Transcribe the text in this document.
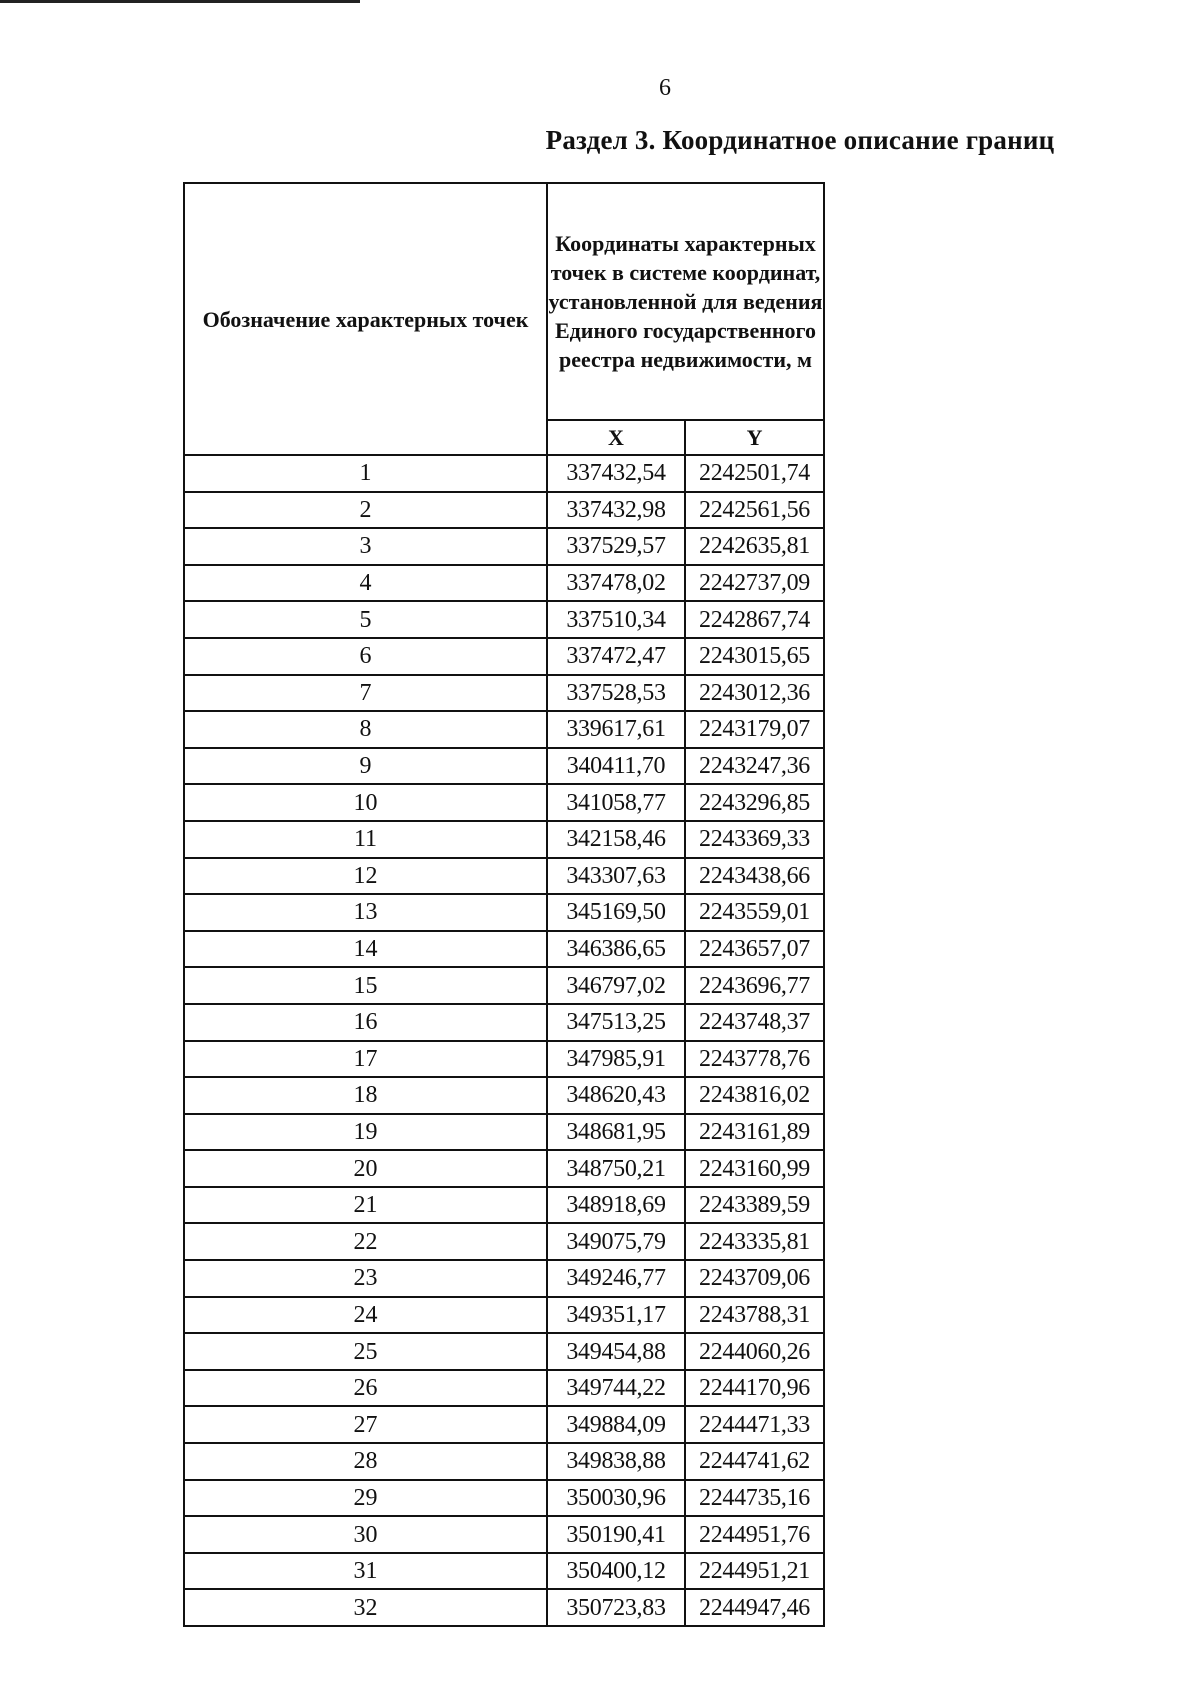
6
Раздел 3. Координатное описание границ
Обозначение характерных точек	Координаты характерных точек в системе координат, установленной для ведения Единого государственного реестра недвижимости, м	
	X	Y
1	337432,54	2242501,74
2	337432,98	2242561,56
3	337529,57	2242635,81
4	337478,02	2242737,09
5	337510,34	2242867,74
6	337472,47	2243015,65
7	337528,53	2243012,36
8	339617,61	2243179,07
9	340411,70	2243247,36
10	341058,77	2243296,85
11	342158,46	2243369,33
12	343307,63	2243438,66
13	345169,50	2243559,01
14	346386,65	2243657,07
15	346797,02	2243696,77
16	347513,25	2243748,37
17	347985,91	2243778,76
18	348620,43	2243816,02
19	348681,95	2243161,89
20	348750,21	2243160,99
21	348918,69	2243389,59
22	349075,79	2243335,81
23	349246,77	2243709,06
24	349351,17	2243788,31
25	349454,88	2244060,26
26	349744,22	2244170,96
27	349884,09	2244471,33
28	349838,88	2244741,62
29	350030,96	2244735,16
30	350190,41	2244951,76
31	350400,12	2244951,21
32	350723,83	2244947,46
